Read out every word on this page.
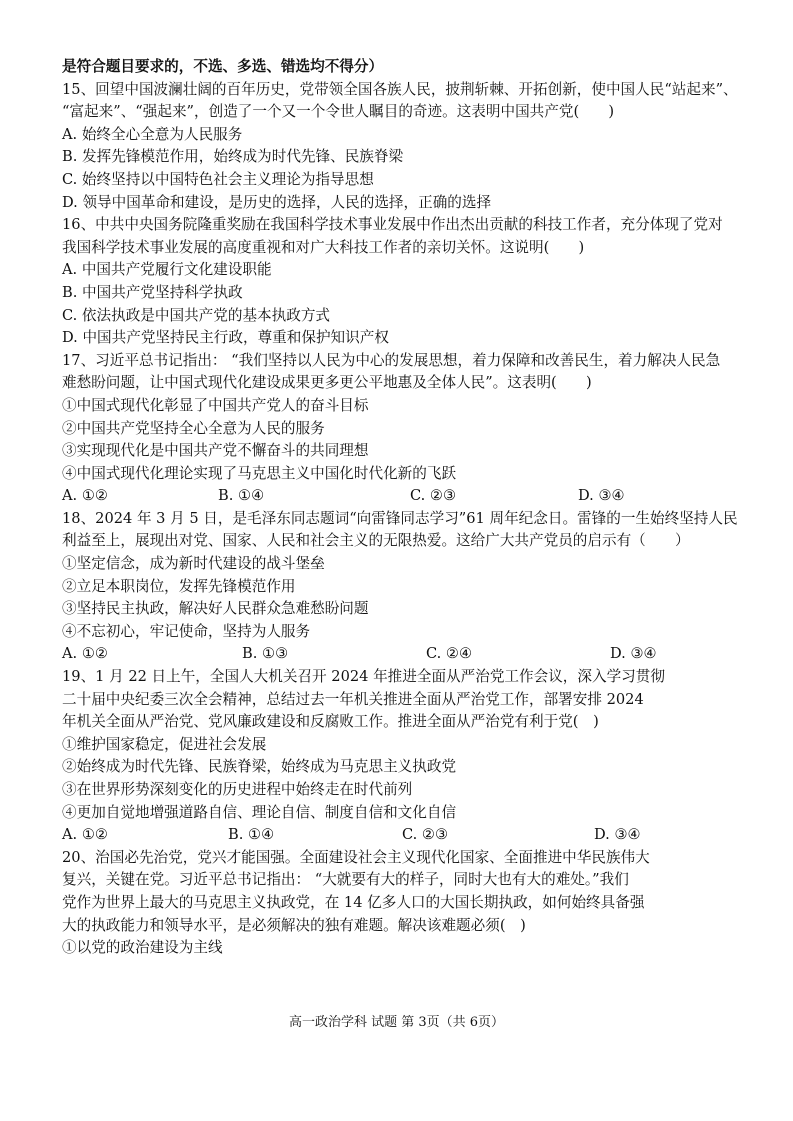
是符合题目要求的，不选、多选、错选均不得分）
15、回望中国波澜壮阔的百年历史，党带领全国各族人民，披荆斩棘、开拓创新，使中国人民“站起来”、
“富起来”、“强起来”，创造了一个又一个令世人瞩目的奇迹。这表明中国共产党(　　)
A. 始终全心全意为人民服务
B. 发挥先锋模范作用，始终成为时代先锋、民族脊梁
C. 始终坚持以中国特色社会主义理论为指导思想
D. 领导中国革命和建设，是历史的选择，人民的选择，正确的选择
16、中共中央国务院隆重奖励在我国科学技术事业发展中作出杰出贡献的科技工作者，充分体现了党对
我国科学技术事业发展的高度重视和对广大科技工作者的亲切关怀。这说明(　　)
A. 中国共产党履行文化建设职能
B. 中国共产党坚持科学执政
C. 依法执政是中国共产党的基本执政方式
D. 中国共产党坚持民主行政，尊重和保护知识产权
17、习近平总书记指出： “我们坚持以人民为中心的发展思想，着力保障和改善民生，着力解决人民急
难愁盼问题，让中国式现代化建设成果更多更公平地惠及全体人民”。这表明(　　)
①中国式现代化彰显了中国共产党人的奋斗目标
②中国共产党坚持全心全意为人民的服务
③实现现代化是中国共产党不懈奋斗的共同理想
④中国式现代化理论实现了马克思主义中国化时代化新的飞跃
A. ①②	B. ①④	C. ②③	D. ③④
18、2024 年 3 月 5 日，是毛泽东同志题词“向雷锋同志学习”61 周年纪念日。雷锋的一生始终坚持人民
利益至上，展现出对党、国家、人民和社会主义的无限热爱。这给广大共产党员的启示有（　　）
①坚定信念，成为新时代建设的战斗堡垒
②立足本职岗位，发挥先锋模范作用
③坚持民主执政，解决好人民群众急难愁盼问题
④不忘初心，牢记使命，坚持为人服务
A. ①②	B. ①③	C. ②④	D. ③④
19、1 月 22 日上午，全国人大机关召开 2024 年推进全面从严治党工作会议，深入学习贯彻
二十届中央纪委三次全会精神，总结过去一年机关推进全面从严治党工作，部署安排 2024
年机关全面从严治党、党风廉政建设和反腐败工作。推进全面从严治党有利于党(　)
①维护国家稳定，促进社会发展
②始终成为时代先锋、民族脊梁，始终成为马克思主义执政党
③在世界形势深刻变化的历史进程中始终走在时代前列
④更加自觉地增强道路自信、理论自信、制度自信和文化自信
A. ①②	B. ①④	C. ②③	D. ③④
20、治国必先治党，党兴才能国强。全面建设社会主义现代化国家、全面推进中华民族伟大
复兴，关键在党。习近平总书记指出： “大就要有大的样子，同时大也有大的难处。”我们
党作为世界上最大的马克思主义执政党，在 14 亿多人口的大国长期执政，如何始终具备强
大的执政能力和领导水平，是必须解决的独有难题。解决该难题必须(　)
①以党的政治建设为主线
高一政治学科 试题 第 3页（共 6页）
